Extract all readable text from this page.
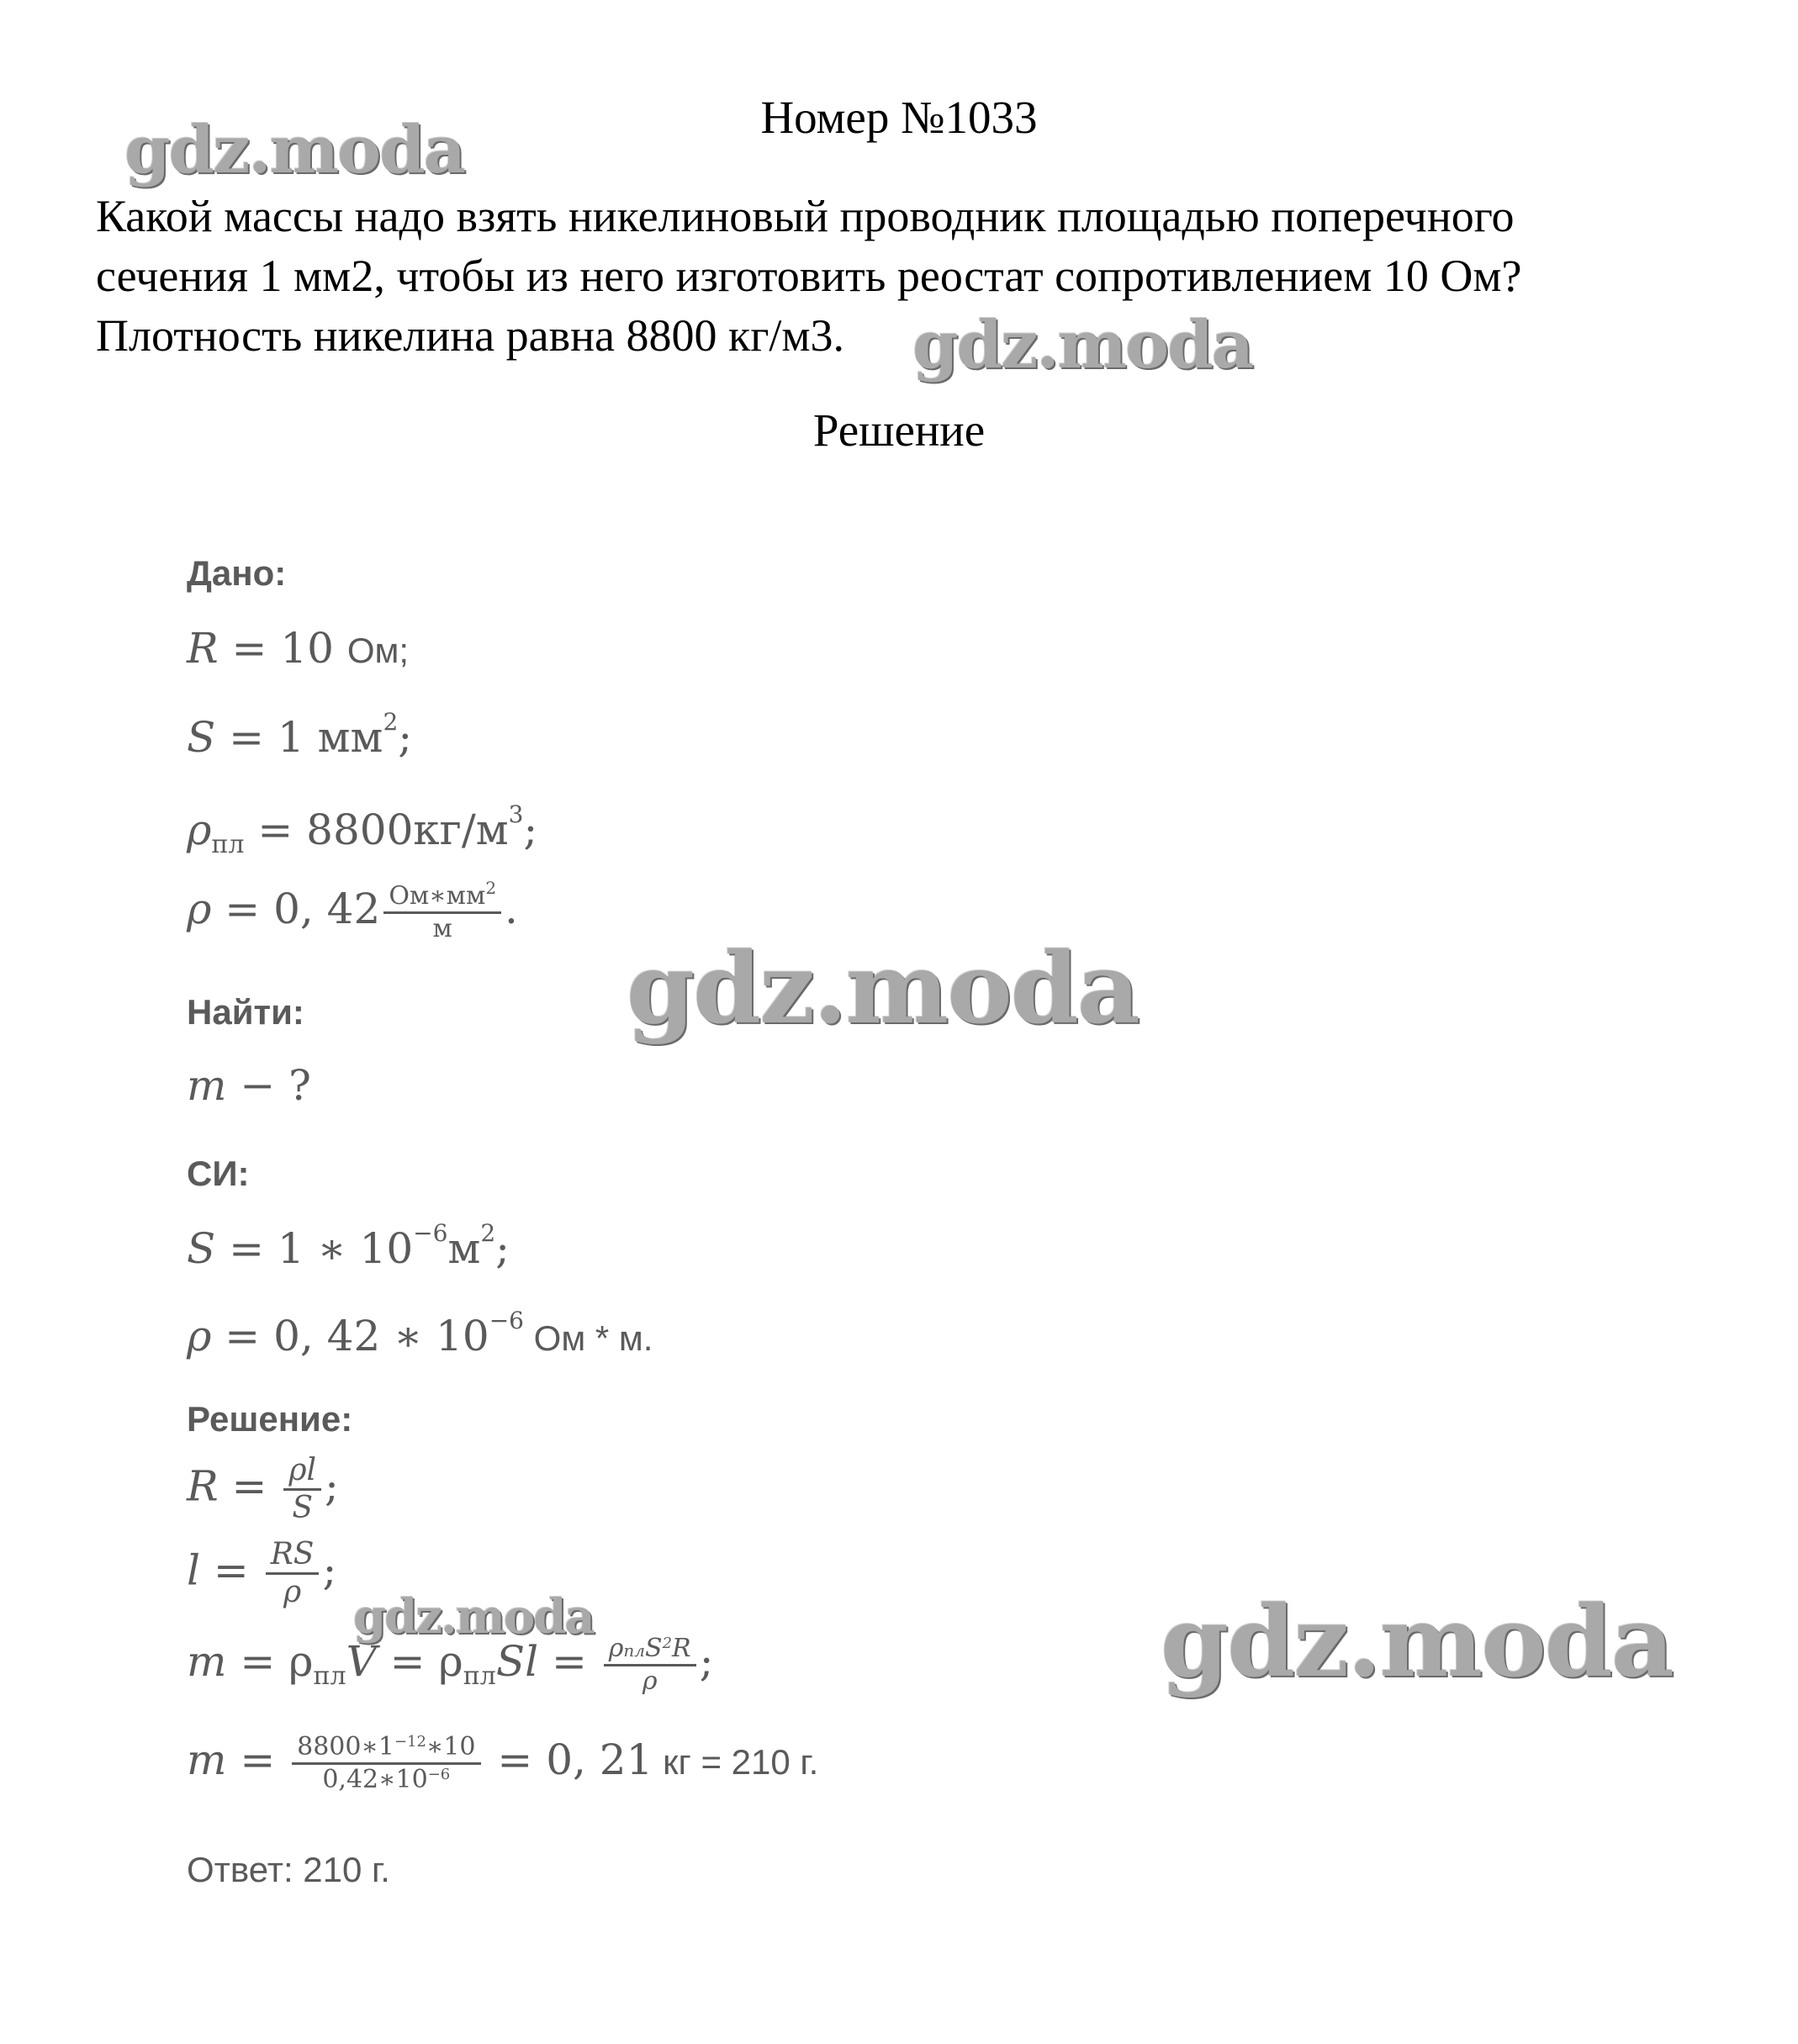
Номер №1033
gdz.moda
gdz.moda
Какой массы надо взять никелиновый проводник площадью поперечного
сечения 1 мм2, чтобы из него изготовить реостат сопротивлением 10 Ом?
Плотность никелина равна 8800 кг/м3.
Решение
Дано:
R = 10 Ом;
S = 1 $мм^2$;
$\rho_{пл} = 8800кг/м^3$;
ρ = 0, $42 \frac{Ом∗мм^2}{м}$ .
Найти:
m − ?
СИ:
S = 1 ∗ $10^{-6}м^2$;
ρ = 0, 42 ∗ $10^{-6}$ Ом * м.
Решение:
$R = \frac{\rho l}{S}$ ;
$l = \frac{RS}{\rho}$ ;
$m = \rho_{пл}V = \rho_{пл}Sl = \frac{\rho плS^2R}{\rho}$ ;
$m = \frac{8800∗1^{-12}∗10}{0,42∗10^{-6}} = 0$, 21 кг = 210 г.
Ответ: 210 г.
gdz.moda
gdz.moda	gdz.moda
